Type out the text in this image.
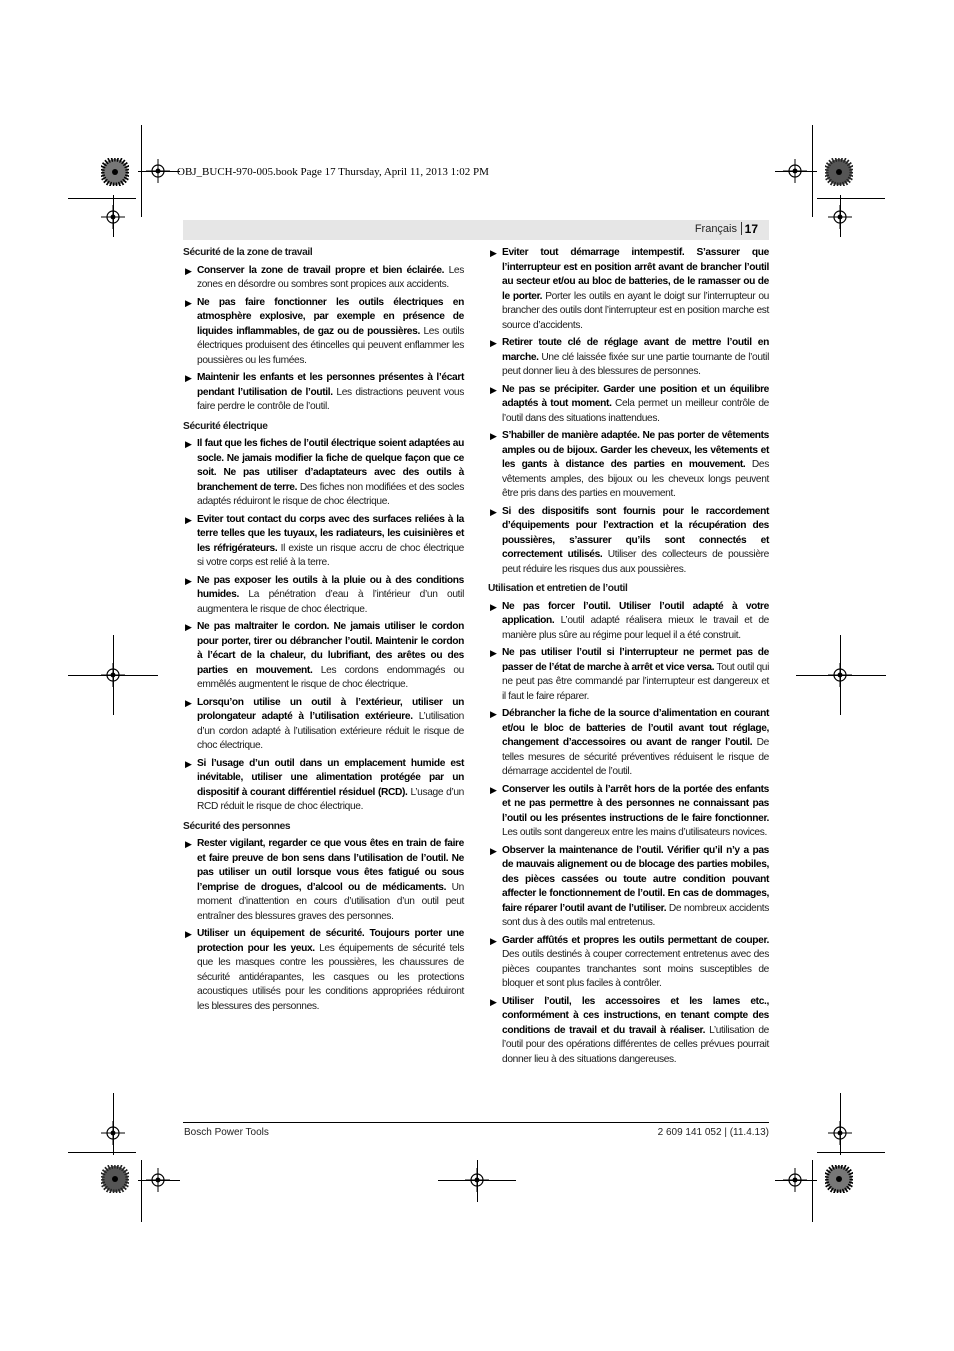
OBJ_BUCH-970-005.book Page 17 Thursday, April 11, 2013 1:02 PM
Français 17
Sécurité de la zone de travail
▶ Conserver la zone de travail propre et bien éclairée. Les zones en désordre ou sombres sont propices aux accidents.
▶ Ne pas faire fonctionner les outils électriques en atmosphère explosive, par exemple en présence de liquides inflammables, de gaz ou de poussières. Les outils électriques produisent des étincelles qui peuvent enflammer les poussières ou les fumées.
▶ Maintenir les enfants et les personnes présentes à l’écart pendant l’utilisation de l’outil. Les distractions peuvent vous faire perdre le contrôle de l’outil.
Sécurité électrique
▶ Il faut que les fiches de l’outil électrique soient adaptées au socle. Ne jamais modifier la fiche de quelque façon que ce soit. Ne pas utiliser d’adaptateurs avec des outils à branchement de terre. Des fiches non modifiées et des socles adaptés réduiront le risque de choc électrique.
▶ Eviter tout contact du corps avec des surfaces reliées à la terre telles que les tuyaux, les radiateurs, les cuisinières et les réfrigérateurs. Il existe un risque accru de choc électrique si votre corps est relié à la terre.
▶ Ne pas exposer les outils à la pluie ou à des conditions humides. La pénétration d’eau à l’intérieur d’un outil augmentera le risque de choc électrique.
▶ Ne pas maltraiter le cordon. Ne jamais utiliser le cordon pour porter, tirer ou débrancher l’outil. Maintenir le cordon à l’écart de la chaleur, du lubrifiant, des arêtes ou des parties en mouvement. Les cordons endommagés ou emmêlés augmentent le risque de choc électrique.
▶ Lorsqu’on utilise un outil à l’extérieur, utiliser un prolongateur adapté à l’utilisation extérieure. L’utilisation d’un cordon adapté à l’utilisation extérieure réduit le risque de choc électrique.
▶ Si l’usage d’un outil dans un emplacement humide est inévitable, utiliser une alimentation protégée par un dispositif à courant différentiel résiduel (RCD). L’usage d’un RCD réduit le risque de choc électrique.
Sécurité des personnes
▶ Rester vigilant, regarder ce que vous êtes en train de faire et faire preuve de bon sens dans l’utilisation de l’outil. Ne pas utiliser un outil lorsque vous êtes fatigué ou sous l’emprise de drogues, d’alcool ou de médicaments. Un moment d’inattention en cours d’utilisation d’un outil peut entraîner des blessures graves des personnes.
▶ Utiliser un équipement de sécurité. Toujours porter une protection pour les yeux. Les équipements de sécurité tels que les masques contre les poussières, les chaussures de sécurité antidérapantes, les casques ou les protections acoustiques utilisés pour les conditions appropriées réduiront les blessures des personnes.
▶ Eviter tout démarrage intempestif. S’assurer que l’interrupteur est en position arrêt avant de brancher l’outil au secteur et/ou au bloc de batteries, de le ramasser ou de le porter. Porter les outils en ayant le doigt sur l’interrupteur ou brancher des outils dont l’interrupteur est en position marche est source d’accidents.
▶ Retirer toute clé de réglage avant de mettre l’outil en marche. Une clé laissée fixée sur une partie tournante de l’outil peut donner lieu à des blessures de personnes.
▶ Ne pas se précipiter. Garder une position et un équilibre adaptés à tout moment. Cela permet un meilleur contrôle de l’outil dans des situations inattendues.
▶ S’habiller de manière adaptée. Ne pas porter de vêtements amples ou de bijoux. Garder les cheveux, les vêtements et les gants à distance des parties en mouvement. Des vêtements amples, des bijoux ou les cheveux longs peuvent être pris dans des parties en mouvement.
▶ Si des dispositifs sont fournis pour le raccordement d’équipements pour l’extraction et la récupération des poussières, s’assurer qu’ils sont connectés et correctement utilisés. Utiliser des collecteurs de poussière peut réduire les risques dus aux poussières.
Utilisation et entretien de l’outil
▶ Ne pas forcer l’outil. Utiliser l’outil adapté à votre application. L’outil adapté réalisera mieux le travail et de manière plus sûre au régime pour lequel il a été construit.
▶ Ne pas utiliser l’outil si l’interrupteur ne permet pas de passer de l’état de marche à arrêt et vice versa. Tout outil qui ne peut pas être commandé par l’interrupteur est dangereux et il faut le faire réparer.
▶ Débrancher la fiche de la source d’alimentation en courant et/ou le bloc de batteries de l’outil avant tout réglage, changement d’accessoires ou avant de ranger l’outil. De telles mesures de sécurité préventives réduisent le risque de démarrage accidentel de l’outil.
▶ Conserver les outils à l’arrêt hors de la portée des enfants et ne pas permettre à des personnes ne connaissant pas l’outil ou les présentes instructions de le faire fonctionner. Les outils sont dangereux entre les mains d’utilisateurs novices.
▶ Observer la maintenance de l’outil. Vérifier qu’il n’y a pas de mauvais alignement ou de blocage des parties mobiles, des pièces cassées ou toute autre condition pouvant affecter le fonctionnement de l’outil. En cas de dommages, faire réparer l’outil avant de l’utiliser. De nombreux accidents sont dus à des outils mal entretenus.
▶ Garder affûtés et propres les outils permettant de couper. Des outils destinés à couper correctement entretenus avec des pièces coupantes tranchantes sont moins susceptibles de bloquer et sont plus faciles à contrôler.
▶ Utiliser l’outil, les accessoires et les lames etc., conformément à ces instructions, en tenant compte des conditions de travail et du travail à réaliser. L’utilisation de l’outil pour des opérations différentes de celles prévues pourrait donner lieu à des situations dangereuses.
Bosch Power Tools	2 609 141 052 | (11.4.13)
